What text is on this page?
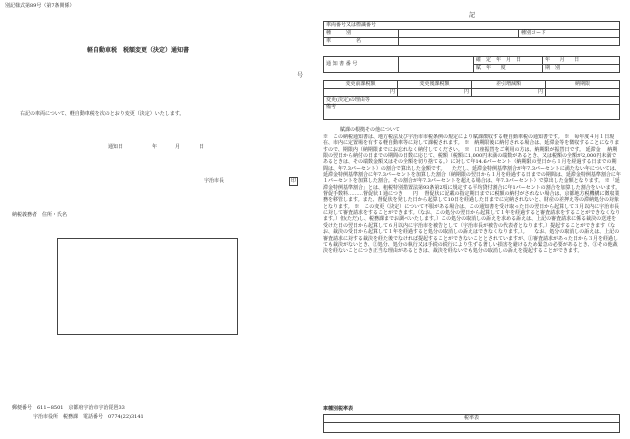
別記様式第89号（第7条関係）
軽自動車税　税額変更（決定）通知書
号
右記の車両について、軽自動車税を次のとおり変更（決定）いたします。
通知日	年	月	日
宇治市長	印
納税義務者　住所・氏名
郵便番号　611−8501　京都府宇治市宇治琵琶33
宇治市役所　税務課　電話番号　0774(22)3141
記
車両番号又は標識番号		
種　　　別		種別コード
車　　　　　名		
通 知 書 番 号		確　定　年　月　日	年 月 日
		賦　年 度	期　別
変更前課税額	変更後課税額	差引増減額	納期限
円	円	円	
変更(決定)の理由等			
備考			
賦課の根拠その他について
※　この納税通知書は、地方税法及び宇治市市税条例の規定により賦課徴収する軽自動車税の通知書です。 ※　毎年度４月１日現在、市内に定置場を有する軽自動車等に対して課税されます。 ※　納期限後に納付される場合は、延滞金等を徴収することになりますので、期限内（納期限までにお忘れなく納付してください。 ※　口座振替をご利用の方は、納期限が振替日です。 延滞金 　納期限の翌日から納付の日までの期間の日数に応じて、税額（税額に1,000円未満の端数があるとき、又は税額の全額が2,000円未満であるときは、その端数金額又はその全額を切り捨てる。）に対して年14.6パーセント（納期限の翌日から１月を経過する日までの期間は、年7.3パーセント）の割合で算出した金額です。 　ただし、延滞金特例基準割合が年7.3パーセントに満たない年については、延滞金特例基準割合に年7.3パーセントを加算した割合（納期限の翌日から１月を経過する日までの期間は、延滞金特例基準割合に年１パーセントを加算した割合。その割合が年7.3パーセントを超える場合は、年7.3パーセント）で算出した金額となります。 ※「延滞金特例基準割合」とは、租税特別措置法第93条第2項に規定する平均貸付割合に年1パーセントの割合を加算した割合をいいます。 督促手数料………督促状１通につき　　円 　督促状に記載の指定期日までに税額の納付がされない場合は、京都地方税機構に徴収業務を移管します。また、督促状を発した日から起算して10日を経過した日までに完納されないと、財産の差押え等の滞納処分の対象となります。 ※　この変更（決定）について不服がある場合は、この通知書を受け取った日の翌日から起算して３月以内に宇治市長に対して審査請求をすることができます。（なお、この処分の翌日から起算して１年を経過すると審査請求をすることができなくなります。）但(ただ)し、税務課までお調べいたします。）この処分の取消しの訴えを求める訴えは、上記の審査請求に係る裁決の送達を受けた日の翌日から起算して６月以内に宇治市を被告として（宇治市長が被告の代表者となります。）提起することができます（なお、裁決の受日から起算して１年を経過すると処分の取消しの訴えはできなくなります。）。 　なお、処分の取消しの訴えは、上記の審査請求に対する裁決を経た後でなければ提起することができないこととされていますが、①審査請求があった日から３月を経過しても裁決がないとき、②処分、処分の執行又は手続の続行により生ずる著しい損害を避けるため緊急の必要があるとき、③その他裁決を経ないことにつき正当な理由があるときは、裁決を経ないでも処分の取消しの訴えを提起することができます。
車種別税率表
税率表
